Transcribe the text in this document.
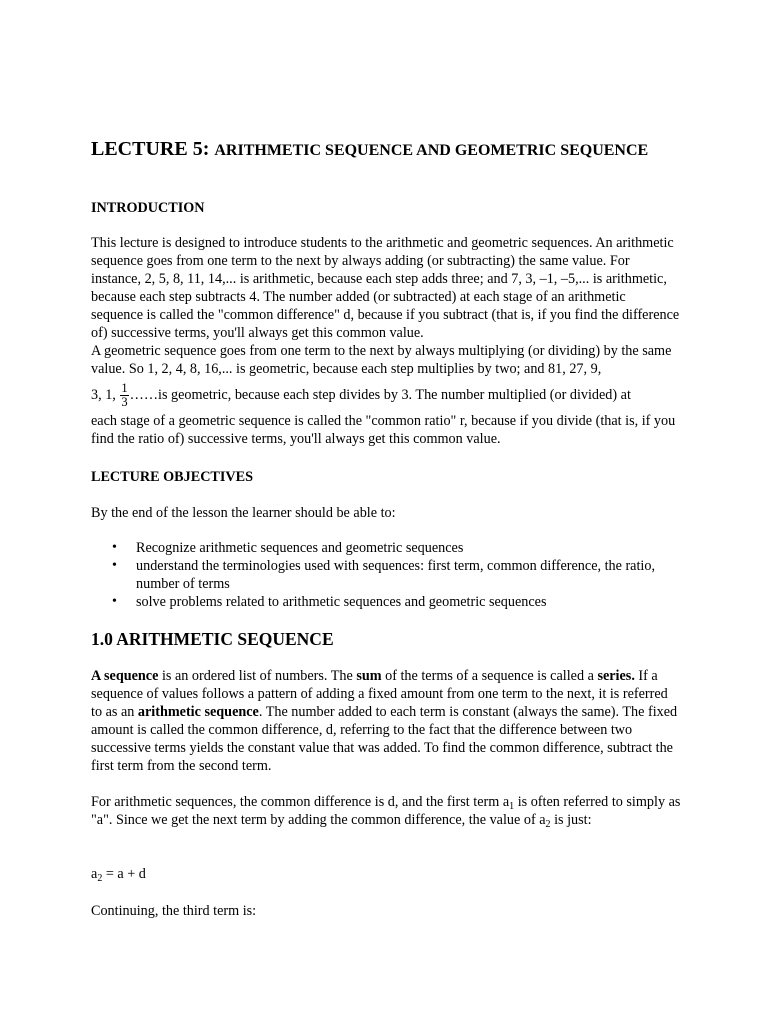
LECTURE 5: ARITHMETIC SEQUENCE AND GEOMETRIC SEQUENCE

INTRODUCTION

This lecture is designed to introduce students to the arithmetic and geometric sequences. An arithmetic sequence goes from one term to the next by always adding (or subtracting) the same value. For instance, 2, 5, 8, 11, 14,... is arithmetic, because each step adds three; and 7, 3, –1, –5,... is arithmetic, because each step subtracts 4. The number added (or subtracted) at each stage of an arithmetic sequence is called the "common difference" d, because if you subtract (that is, if you find the difference of) successive terms, you'll always get this common value.

A geometric sequence goes from one term to the next by always multiplying (or dividing) by the same value. So 1, 2, 4, 8, 16,... is geometric, because each step multiplies by two; and 81, 27, 9,

3, 1, $\frac{1}{3}$ ……is geometric, because each step divides by 3. The number multiplied (or divided) at

each stage of a geometric sequence is called the "common ratio" r, because if you divide (that is, if you find the ratio of) successive terms, you'll always get this common value.

LECTURE OBJECTIVES

By the end of the lesson the learner should be able to:

• Recognize arithmetic sequences and geometric sequences
• understand the terminologies used with sequences: first term, common difference, the ratio, number of terms
• solve problems related to arithmetic sequences and geometric sequences

1.0 ARITHMETIC SEQUENCE

A sequence is an ordered list of numbers. The sum of the terms of a sequence is called a series. If a sequence of values follows a pattern of adding a fixed amount from one term to the next, it is referred to as an arithmetic sequence. The number added to each term is constant (always the same). The fixed amount is called the common difference, d, referring to the fact that the difference between two successive terms yields the constant value that was added. To find the common difference, subtract the first term from the second term.

For arithmetic sequences, the common difference is d, and the first term $a_1$ is often referred to simply as "a". Since we get the next term by adding the common difference, the value of $a_2$ is just:

$a_2 = a + d$

Continuing, the third term is:
